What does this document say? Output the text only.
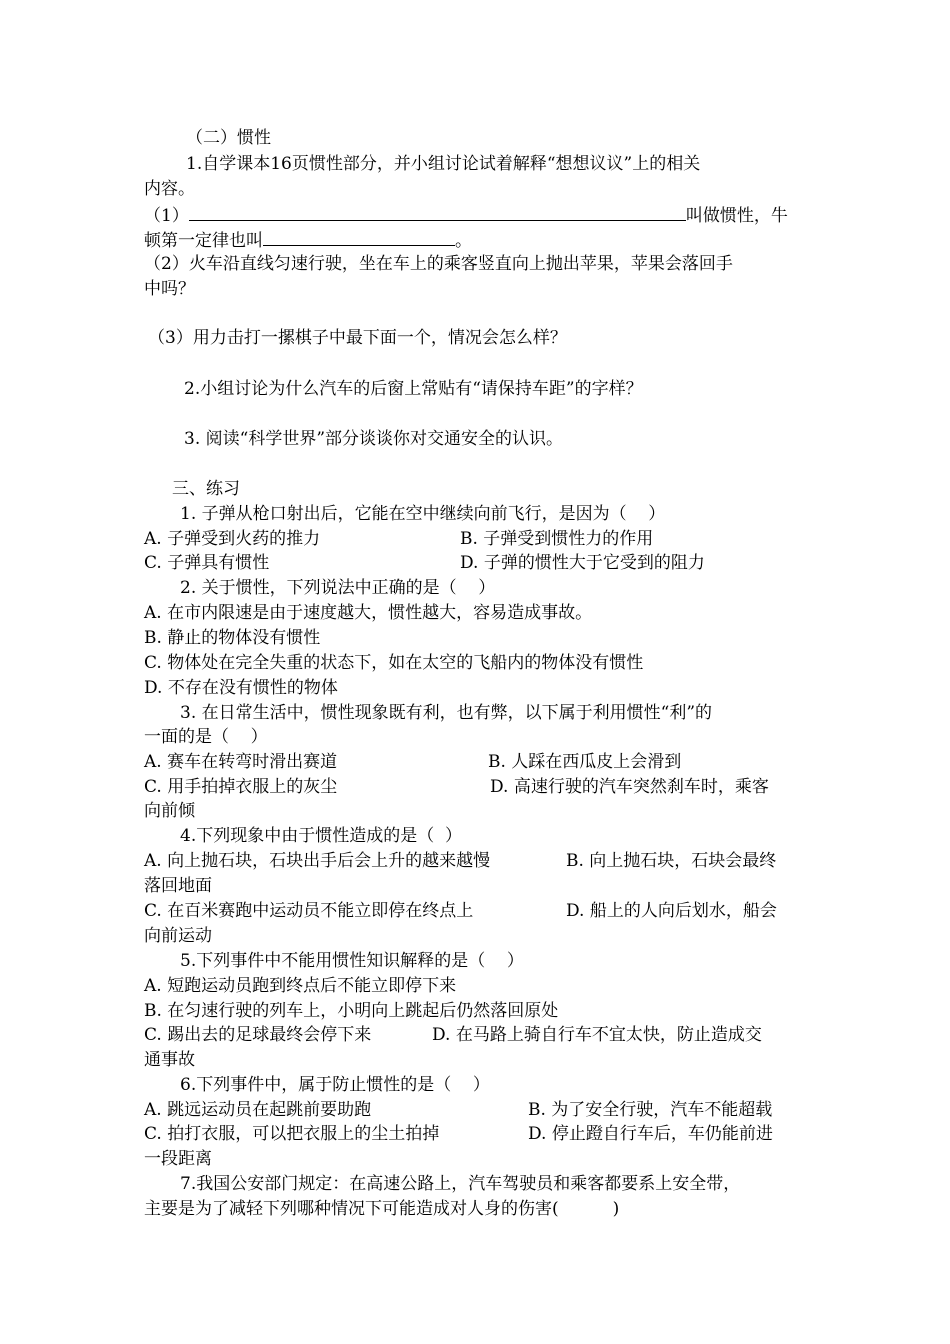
（二）惯性
1.自学课本16页惯性部分，并小组讨论试着解释“想想议议”上的相关
内容。
（1）	叫做惯性，牛
顿第一定律也叫	。
（2）火车沿直线匀速行驶，坐在车上的乘客竖直向上抛出苹果，苹果会落回手
中吗？
（3）用力击打一摞棋子中最下面一个，情况会怎么样？
2.小组讨论为什么汽车的后窗上常贴有“请保持车距”的字样？
3. 阅读“科学世界”部分谈谈你对交通安全的认识。
三、练习
1. 子弹从枪口射出后，它能在空中继续向前飞行，是因为（    ）
A. 子弹受到火药的推力	B. 子弹受到惯性力的作用
C. 子弹具有惯性	D. 子弹的惯性大于它受到的阻力
2. 关于惯性，下列说法中正确的是（    ）
A. 在市内限速是由于速度越大，惯性越大，容易造成事故。
B. 静止的物体没有惯性
C. 物体处在完全失重的状态下，如在太空的飞船内的物体没有惯性
D. 不存在没有惯性的物体
3. 在日常生活中，惯性现象既有利，也有弊，以下属于利用惯性“利”的
一面的是（    ）
A. 赛车在转弯时滑出赛道	B. 人踩在西瓜皮上会滑到
C. 用手拍掉衣服上的灰尘	D. 高速行驶的汽车突然刹车时，乘客
向前倾
4.下列现象中由于惯性造成的是（  ）
A. 向上抛石块，石块出手后会上升的越来越慢	B. 向上抛石块，石块会最终
落回地面
C. 在百米赛跑中运动员不能立即停在终点上	D. 船上的人向后划水，船会
向前运动
5.下列事件中不能用惯性知识解释的是（    ）
A. 短跑运动员跑到终点后不能立即停下来
B. 在匀速行驶的列车上，小明向上跳起后仍然落回原处
C. 踢出去的足球最终会停下来	D. 在马路上骑自行车不宜太快，防止造成交
通事故
6.下列事件中，属于防止惯性的是（    ）
A. 跳远运动员在起跳前要助跑	B. 为了安全行驶，汽车不能超载
C. 拍打衣服，可以把衣服上的尘土拍掉	D. 停止蹬自行车后，车仍能前进
一段距离
7.我国公安部门规定：在高速公路上，汽车驾驶员和乘客都要系上安全带，
主要是为了减轻下列哪种情况下可能造成对人身的伤害(          )
